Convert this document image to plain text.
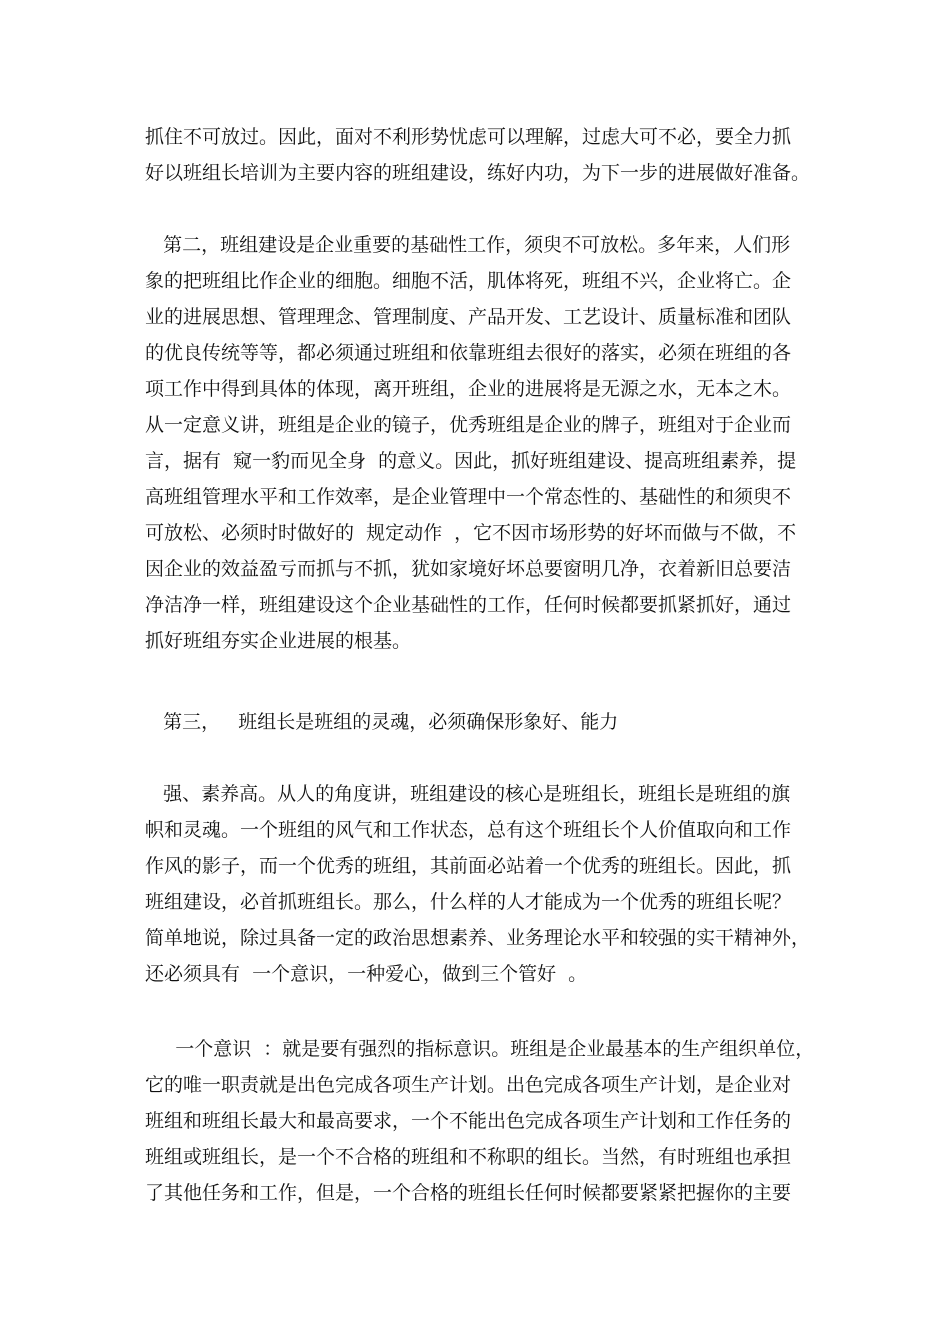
抓住不可放过。因此，面对不利形势忧虑可以理解，过虑大可不必，要全力抓

好以班组长培训为主要内容的班组建设，练好内功，为下一步的进展做好准备。

第二，班组建设是企业重要的基础性工作，须臾不可放松。多年来，人们形

象的把班组比作企业的细胞。细胞不活，肌体将死，班组不兴，企业将亡。企

业的进展思想、管理理念、管理制度、产品开发、工艺设计、质量标准和团队

的优良传统等等，都必须通过班组和依靠班组去很好的落实，必须在班组的各

项工作中得到具体的体现，离开班组，企业的进展将是无源之水，无本之木。

从一定意义讲，班组是企业的镜子，优秀班组是企业的牌子，班组对于企业而

言，据有  窥一豹而见全身  的意义。因此，抓好班组建设、提高班组素养，提

高班组管理水平和工作效率，是企业管理中一个常态性的、基础性的和须臾不

可放松、必须时时做好的  规定动作  ，它不因市场形势的好坏而做与不做，不

因企业的效益盈亏而抓与不抓，犹如家境好坏总要窗明几净，衣着新旧总要洁

净洁净一样，班组建设这个企业基础性的工作，任何时候都要抓紧抓好，通过

抓好班组夯实企业进展的根基。

第三，   班组长是班组的灵魂，必须确保形象好、能力

强、素养高。从人的角度讲，班组建设的核心是班组长，班组长是班组的旗

帜和灵魂。一个班组的风气和工作状态，总有这个班组长个人价值取向和工作

作风的影子，而一个优秀的班组，其前面必站着一个优秀的班组长。因此，抓

班组建设，必首抓班组长。那么，什么样的人才能成为一个优秀的班组长呢？

简单地说，除过具备一定的政治思想素养、业务理论水平和较强的实干精神外，

还必须具有  一个意识，一种爱心，做到三个管好  。

一个意识  ：就是要有强烈的指标意识。班组是企业最基本的生产组织单位，

它的唯一职责就是出色完成各项生产计划。出色完成各项生产计划，是企业对

班组和班组长最大和最高要求，一个不能出色完成各项生产计划和工作任务的

班组或班组长，是一个不合格的班组和不称职的组长。当然，有时班组也承担

了其他任务和工作，但是，一个合格的班组长任何时候都要紧紧把握你的主要
